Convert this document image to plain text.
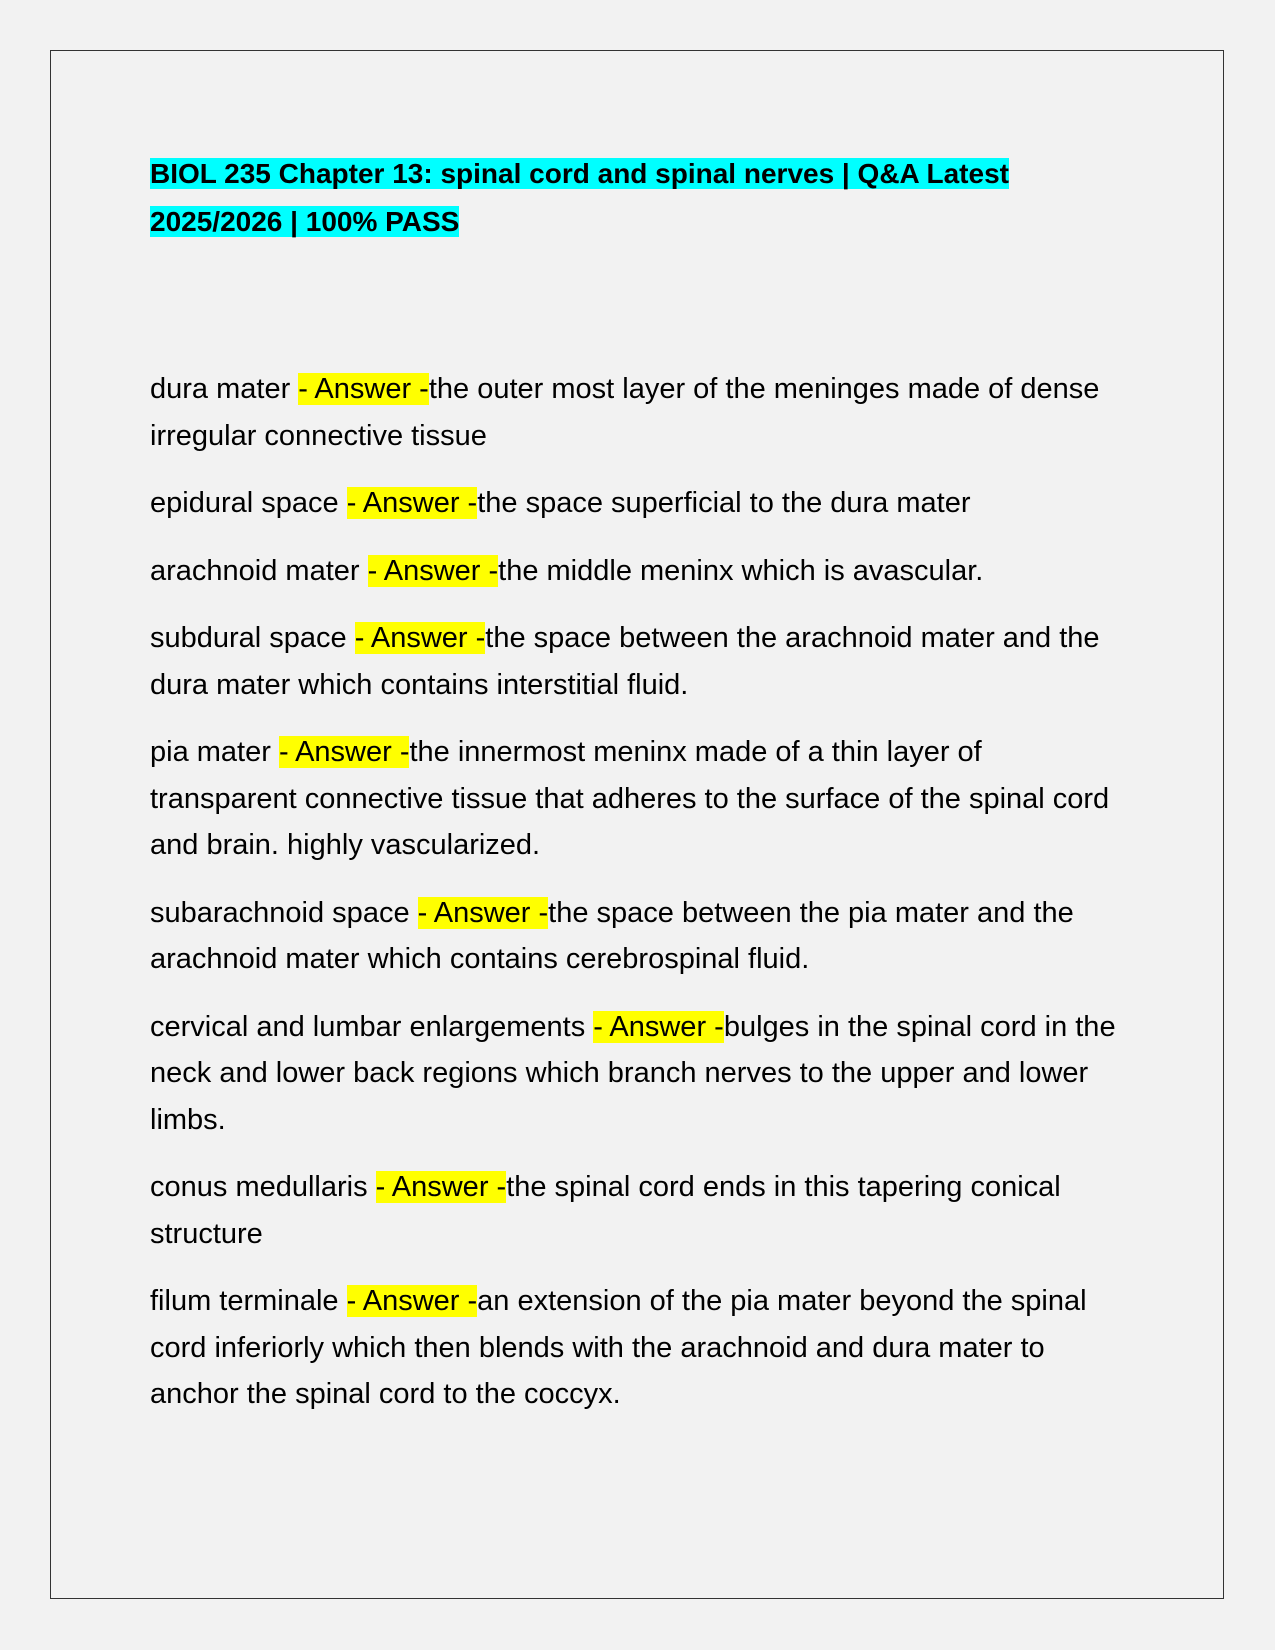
BIOL 235 Chapter 13: spinal cord and spinal nerves | Q&A Latest 2025/2026 | 100% PASS

dura mater - Answer -the outer most layer of the meninges made of dense irregular connective tissue

epidural space - Answer -the space superficial to the dura mater

arachnoid mater - Answer -the middle meninx which is avascular.

subdural space - Answer -the space between the arachnoid mater and the dura mater which contains interstitial fluid.

pia mater - Answer -the innermost meninx made of a thin layer of transparent connective tissue that adheres to the surface of the spinal cord and brain. highly vascularized.

subarachnoid space - Answer -the space between the pia mater and the arachnoid mater which contains cerebrospinal fluid.

cervical and lumbar enlargements - Answer -bulges in the spinal cord in the neck and lower back regions which branch nerves to the upper and lower limbs.

conus medullaris - Answer -the spinal cord ends in this tapering conical structure

filum terminale - Answer -an extension of the pia mater beyond the spinal cord inferiorly which then blends with the arachnoid and dura mater to anchor the spinal cord to the coccyx.
